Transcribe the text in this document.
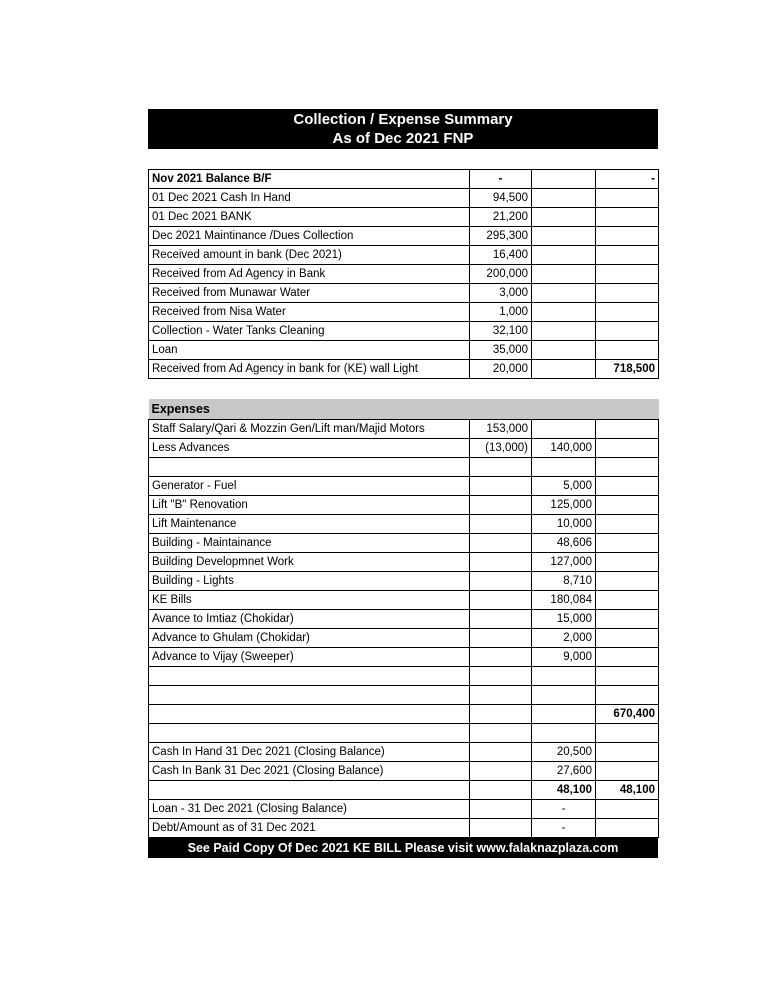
Collection / Expense Summary
As of Dec 2021 FNP
Nov 2021 Balance B/F	-		-
01 Dec 2021 Cash In Hand	94,500		
01 Dec 2021 BANK	21,200		
Dec 2021 Maintinance /Dues Collection	295,300		
Received amount in bank (Dec 2021)	16,400		
Received from Ad Agency in Bank	200,000		
Received from Munawar Water	3,000		
Received from Nisa Water	1,000		
Collection - Water Tanks Cleaning	32,100		
Loan	35,000		
Received from Ad Agency in bank for (KE) wall Light	20,000		718,500
Expenses			
Staff Salary/Qari & Mozzin Gen/Lift man/Majid Motors	153,000		
Less Advances	(13,000)	140,000	

Generator - Fuel		5,000	
Lift "B" Renovation		125,000	
Lift Maintenance		10,000	
Building - Maintainance		48,606	
Building Developmnet Work		127,000	
Building - Lights		8,710	
KE Bills		180,084	
Avance to Imtiaz (Chokidar)		15,000	
Advance to Ghulam (Chokidar)		2,000	
Advance to Vijay (Sweeper)		9,000	

			670,400

Cash In Hand 31 Dec 2021 (Closing Balance)		20,500	
Cash In Bank 31 Dec 2021 (Closing Balance)		27,600	
		48,100	48,100
Loan - 31 Dec 2021 (Closing Balance)		-	
Debt/Amount as of 31 Dec 2021		-	
See Paid Copy Of Dec 2021 KE BILL Please visit www.falaknazplaza.com
